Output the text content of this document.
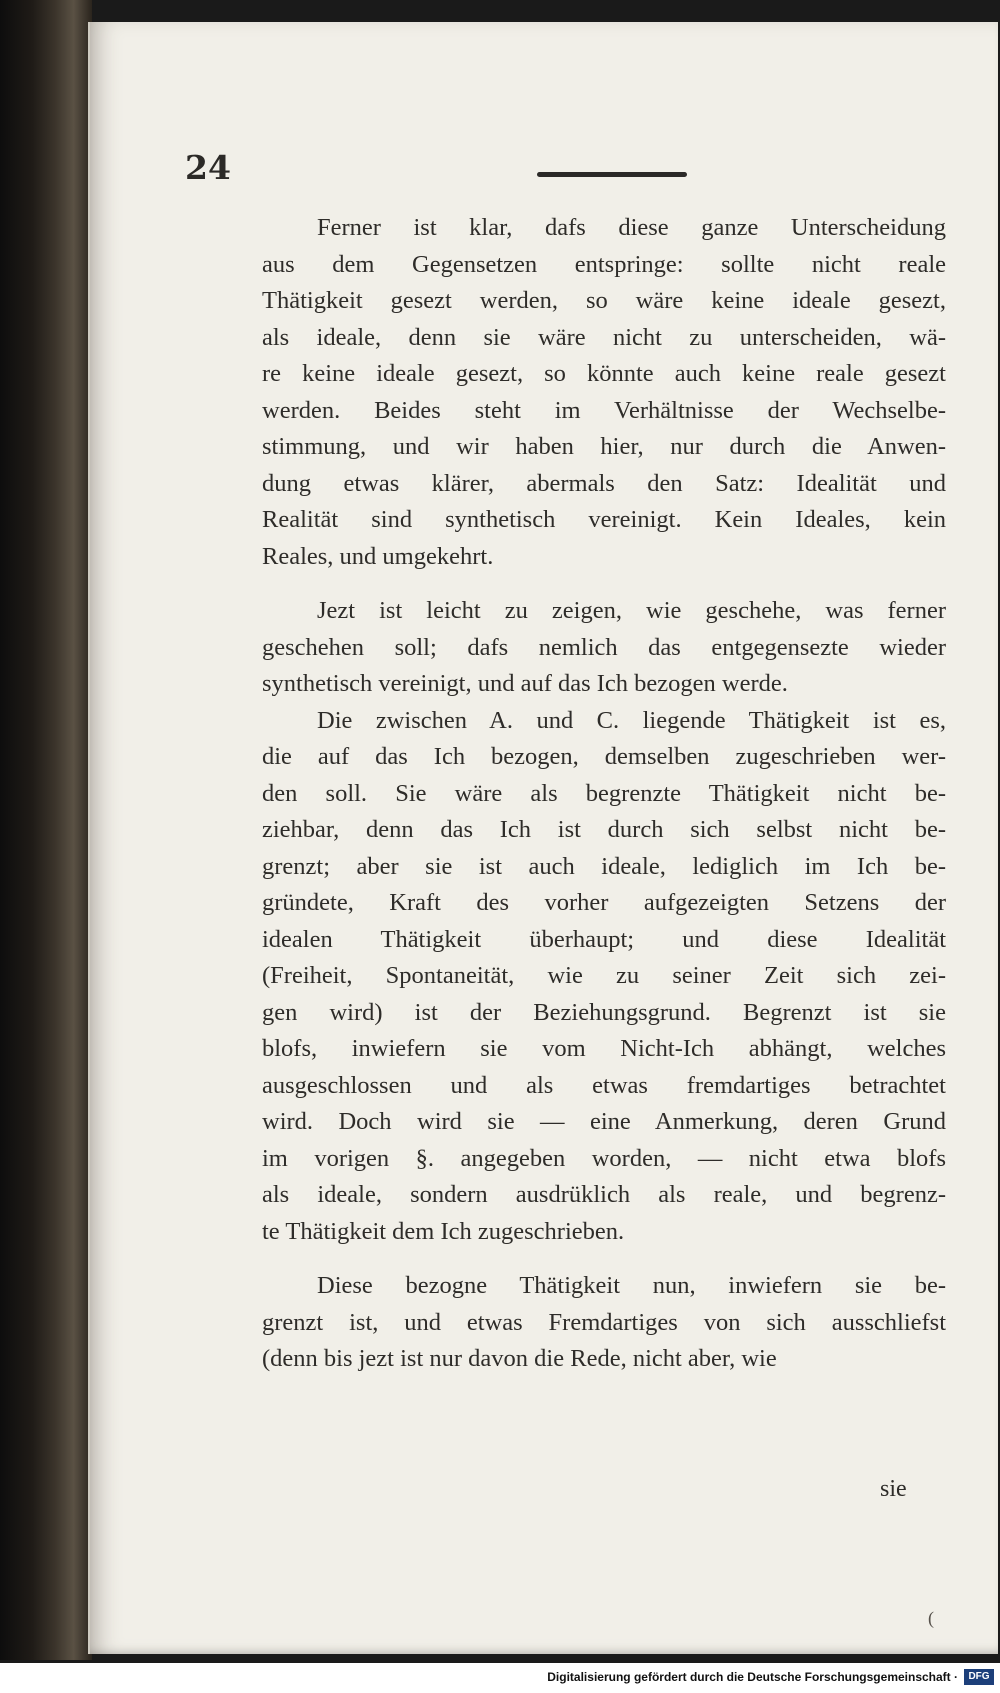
24

Ferner ist klar, dafs diese ganze Unterscheidung
aus dem Gegensetzen entspringe: sollte nicht reale
Thätigkeit gesezt werden, so wäre keine ideale gesezt,
als ideale, denn sie wäre nicht zu unterscheiden, wä-
re keine ideale gesezt, so könnte auch keine reale gesezt
werden. Beides steht im Verhältnisse der Wechselbe-
stimmung, und wir haben hier, nur durch die Anwen-
dung etwas klärer, abermals den Satz: Idealität und
Realität sind synthetisch vereinigt. Kein Ideales, kein
Reales, und umgekehrt.

Jezt ist leicht zu zeigen, wie geschehe, was ferner
geschehen soll; dafs nemlich das entgegensezte wieder
synthetisch vereinigt, und auf das Ich bezogen werde.

Die zwischen A. und C. liegende Thätigkeit ist es,
die auf das Ich bezogen, demselben zugeschrieben wer-
den soll. Sie wäre als begrenzte Thätigkeit nicht be-
ziehbar, denn das Ich ist durch sich selbst nicht be-
grenzt; aber sie ist auch ideale, lediglich im Ich be-
gründete, Kraft des vorher aufgezeigten Setzens der
idealen Thätigkeit überhaupt; und diese Idealität
(Freiheit, Spontaneität, wie zu seiner Zeit sich zei-
gen wird) ist der Beziehungsgrund. Begrenzt ist sie
blofs, inwiefern sie vom Nicht-Ich abhängt, welches
ausgeschlossen und als etwas fremdartiges betrachtet
wird. Doch wird sie — eine Anmerkung, deren Grund
im vorigen §. angegeben worden, — nicht etwa blofs
als ideale, sondern ausdrüklich als reale, und begrenz-
te Thätigkeit dem Ich zugeschrieben.

Diese bezogne Thätigkeit nun, inwiefern sie be-
grenzt ist, und etwas Fremdartiges von sich ausschliefst
(denn bis jezt ist nur davon die Rede, nicht aber, wie

sie
(
Digitalisierung gefördert durch die Deutsche Forschungsgemeinschaft ·	DFG
